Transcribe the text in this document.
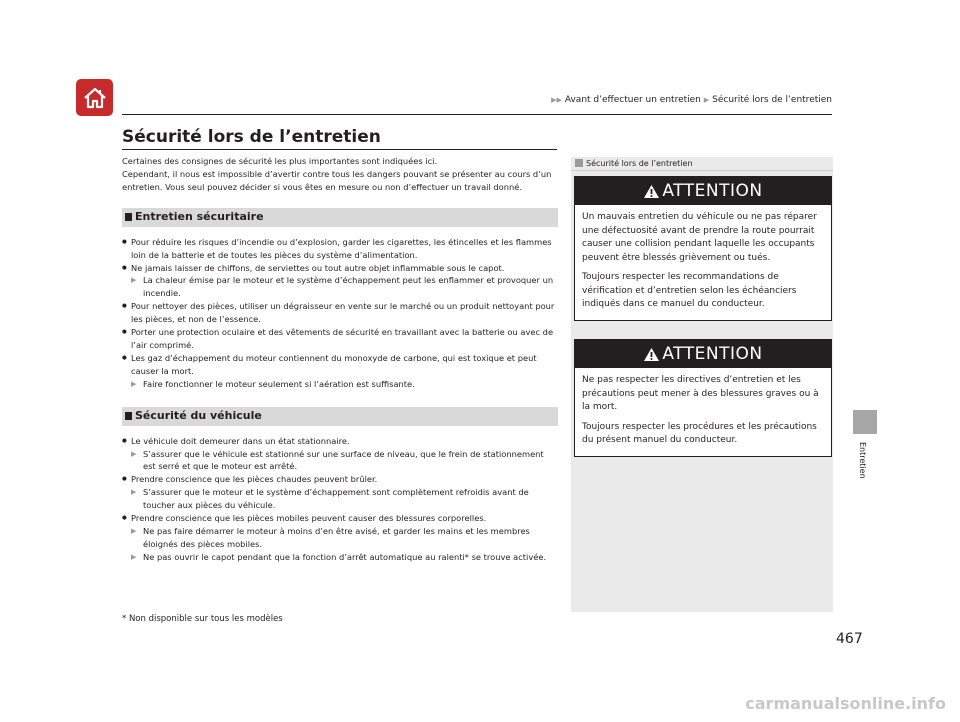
▶▶ Avant d’effectuer un entretien ▶ Sécurité lors de l’entretien
Sécurité lors de l’entretien

Certaines des consignes de sécurité les plus importantes sont indiquées ici.

Cependant, il nous est impossible d’avertir contre tous les dangers pouvant se présenter au cours d’un entretien. Vous seul pouvez décider si vous êtes en mesure ou non d’effectuer un travail donné.

Entretien sécuritaire
● Pour réduire les risques d’incendie ou d’explosion, garder les cigarettes, les étincelles et les flammes loin de la batterie et de toutes les pièces du système d’alimentation.
● Ne jamais laisser de chiffons, de serviettes ou tout autre objet inflammable sous le capot.
▶ La chaleur émise par le moteur et le système d’échappement peut les enflammer et provoquer un incendie.
● Pour nettoyer des pièces, utiliser un dégraisseur en vente sur le marché ou un produit nettoyant pour les pièces, et non de l’essence.
● Porter une protection oculaire et des vêtements de sécurité en travaillant avec la batterie ou avec de l’air comprimé.
● Les gaz d’échappement du moteur contiennent du monoxyde de carbone, qui est toxique et peut causer la mort.
▶ Faire fonctionner le moteur seulement si l’aération est suffisante.
Sécurité du véhicule
● Le véhicule doit demeurer dans un état stationnaire.
▶ S’assurer que le véhicule est stationné sur une surface de niveau, que le frein de stationnement est serré et que le moteur est arrêté.
● Prendre conscience que les pièces chaudes peuvent brûler.
▶ S’assurer que le moteur et le système d’échappement sont complètement refroidis avant de toucher aux pièces du véhicule.
● Prendre conscience que les pièces mobiles peuvent causer des blessures corporelles.
▶ Ne pas faire démarrer le moteur à moins d’en être avisé, et garder les mains et les membres éloignés des pièces mobiles.
▶ Ne pas ouvrir le capot pendant que la fonction d’arrêt automatique au ralenti* se trouve activée.
Sécurité lors de l’entretien
ATTENTION

Un mauvais entretien du véhicule ou ne pas réparer une défectuosité avant de prendre la route pourrait causer une collision pendant laquelle les occupants peuvent être blessés grièvement ou tués.

Toujours respecter les recommandations de vérification et d’entretien selon les échéanciers indiqués dans ce manuel du conducteur.

ATTENTION

Ne pas respecter les directives d’entretien et les précautions peut mener à des blessures graves ou à la mort.

Toujours respecter les procédures et les précautions du présent manuel du conducteur.

* Non disponible sur tous les modèles
Entretien
467
carmanualsonline.info
